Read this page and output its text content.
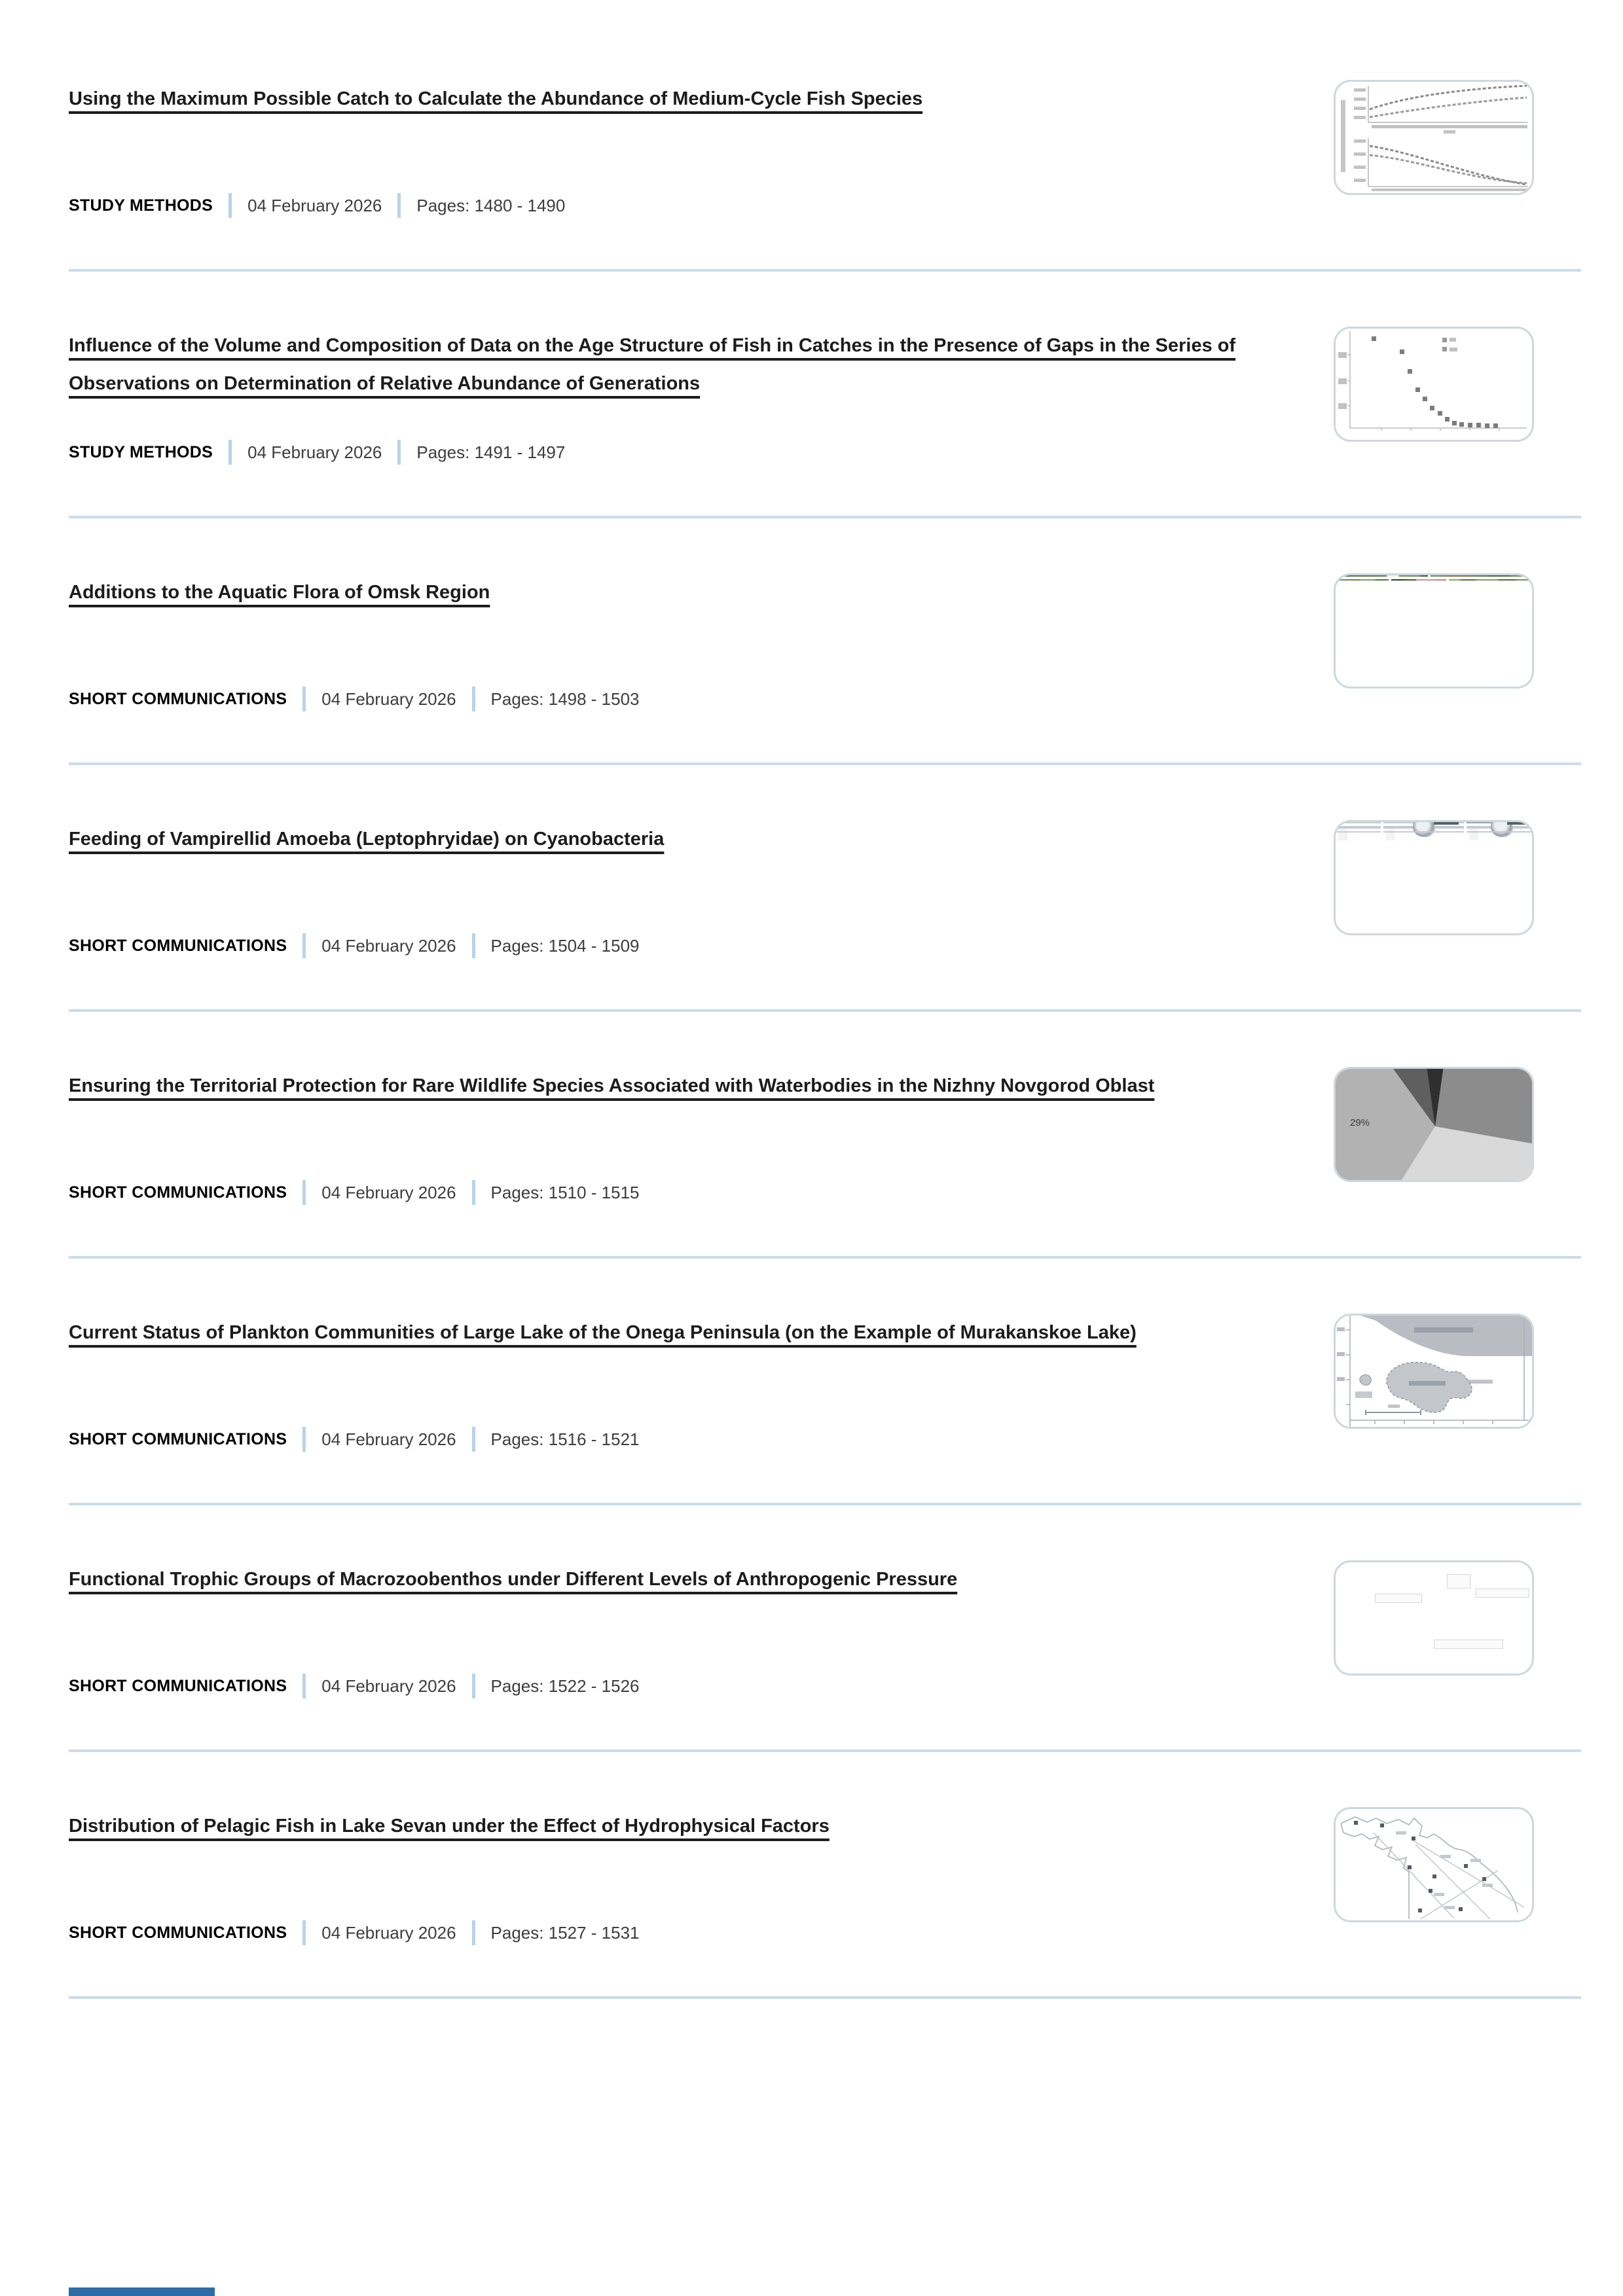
Using the Maximum Possible Catch to Calculate the Abundance of Medium-Cycle Fish Species
STUDY METHODS 04 February 2026 Pages: 1480 - 1490
Influence of the Volume and Composition of Data on the Age Structure of Fish in Catches in the Presence of Gaps in the Series of Observations on Determination of Relative Abundance of Generations
STUDY METHODS 04 February 2026 Pages: 1491 - 1497
Additions to the Aquatic Flora of Omsk Region
SHORT COMMUNICATIONS 04 February 2026 Pages: 1498 - 1503
Feeding of Vampirellid Amoeba (Leptophryidae) on Cyanobacteria
SHORT COMMUNICATIONS 04 February 2026 Pages: 1504 - 1509
Ensuring the Territorial Protection for Rare Wildlife Species Associated with Waterbodies in the Nizhny Novgorod Oblast
SHORT COMMUNICATIONS 04 February 2026 Pages: 1510 - 1515
29%
Current Status of Plankton Communities of Large Lake of the Onega Peninsula (on the Example of Murakanskoe Lake)
SHORT COMMUNICATIONS 04 February 2026 Pages: 1516 - 1521
Functional Trophic Groups of Macrozoobenthos under Different Levels of Anthropogenic Pressure
SHORT COMMUNICATIONS 04 February 2026 Pages: 1522 - 1526
Distribution of Pelagic Fish in Lake Sevan under the Effect of Hydrophysical Factors
SHORT COMMUNICATIONS 04 February 2026 Pages: 1527 - 1531
